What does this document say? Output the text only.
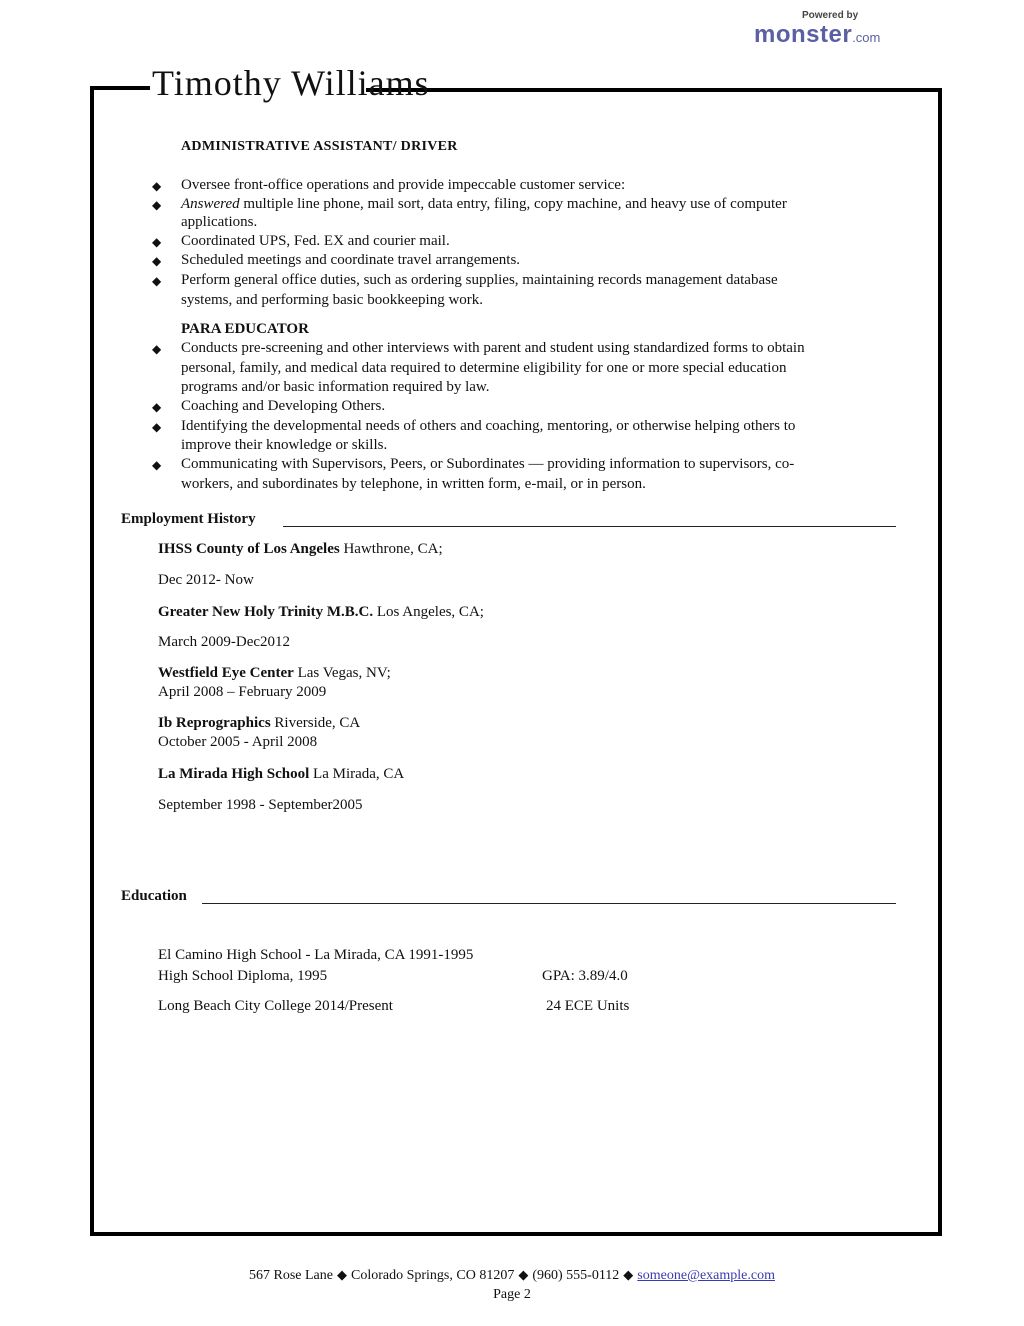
Powered by
monster.com
Timothy Williams
ADMINISTRATIVE ASSISTANT/ DRIVER
◆ Oversee front-office operations and provide impeccable customer service:
◆ Answered multiple line phone, mail sort, data entry, filing, copy machine, and heavy use of computer
applications.
◆ Coordinated UPS, Fed. EX and courier mail.
◆ Scheduled meetings and coordinate travel arrangements.
◆ Perform general office duties, such as ordering supplies, maintaining records management database
systems, and performing basic bookkeeping work.
PARA EDUCATOR
◆ Conducts pre-screening and other interviews with parent and student using standardized forms to obtain
personal, family, and medical data required to determine eligibility for one or more special education
programs and/or basic information required by law.
◆ Coaching and Developing Others.
◆ Identifying the developmental needs of others and coaching, mentoring, or otherwise helping others to
improve their knowledge or skills.
◆ Communicating with Supervisors, Peers, or Subordinates — providing information to supervisors, co-
workers, and subordinates by telephone, in written form, e-mail, or in person.
Employment History
IHSS County of Los Angeles Hawthrone, CA;
Dec 2012- Now
Greater New Holy Trinity M.B.C. Los Angeles, CA;
March 2009-Dec2012
Westfield Eye Center Las Vegas, NV;
April 2008 – February 2009
Ib Reprographics Riverside, CA
October 2005 - April 2008
La Mirada High School La Mirada, CA
September 1998 - September2005
Education
El Camino High School - La Mirada, CA 1991-1995
High School Diploma, 1995	GPA: 3.89/4.0
Long Beach City College 2014/Present	24 ECE Units
567 Rose Lane ◆ Colorado Springs, CO 81207 ◆ (960) 555-0112 ◆ someone@example.com
Page 2
